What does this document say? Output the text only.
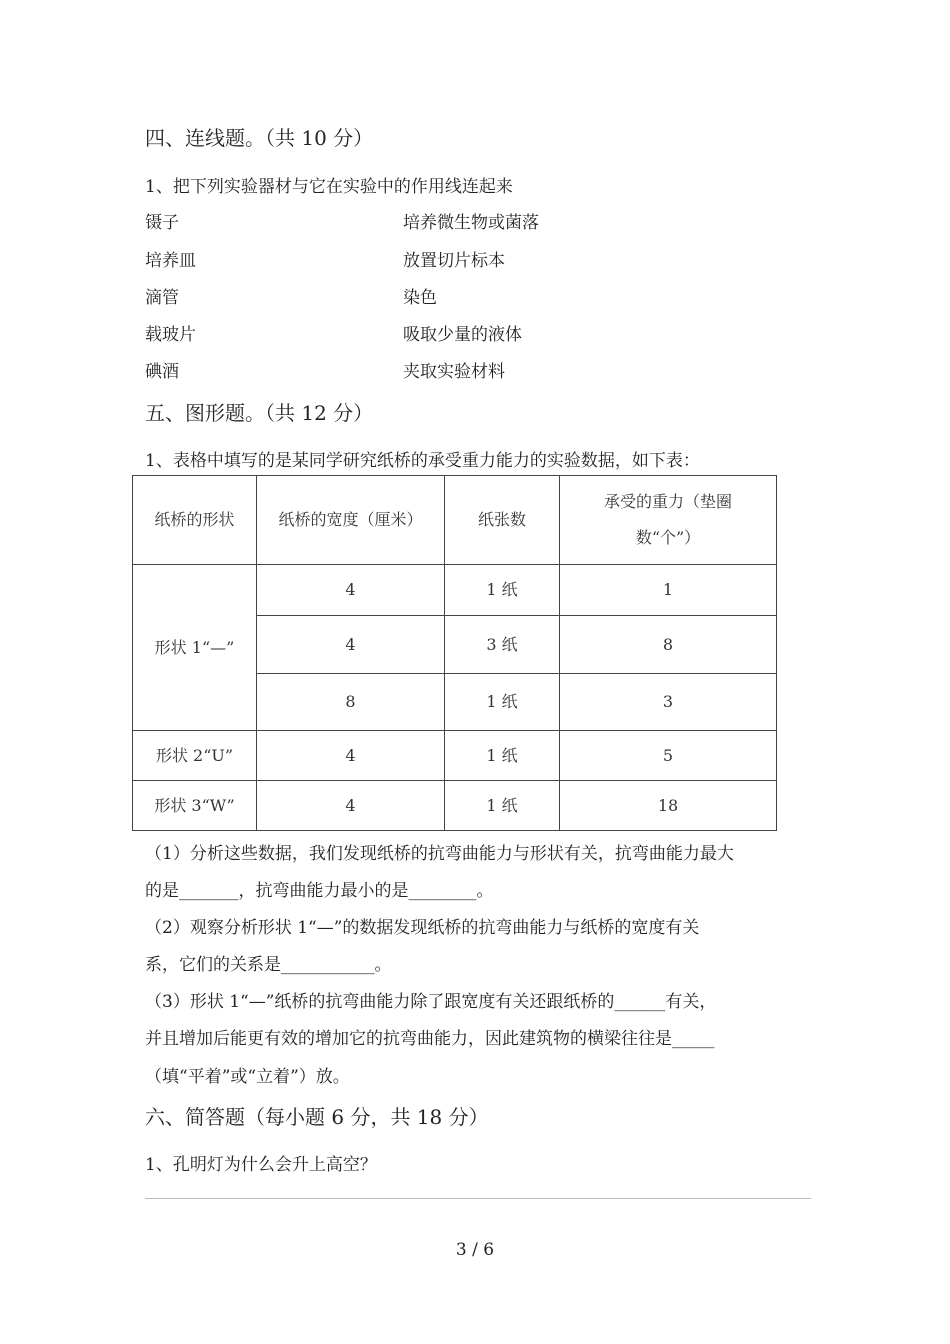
四、连线题。（共 10 分）
1、把下列实验器材与它在实验中的作用线连起来
镊子	培养微生物或菌落
培养皿	放置切片标本
滴管	染色
载玻片	吸取少量的液体
碘酒	夹取实验材料
五、图形题。（共 12 分）
1、表格中填写的是某同学研究纸桥的承受重力能力的实验数据，如下表：
纸桥的形状	纸桥的宽度（厘米）	纸张数	承受的重力（垫圈数“个”）
形状 1“—”	4	1 纸	1
	4	3 纸	8
	8	1 纸	3
形状 2“U”	4	1 纸	5
形状 3“W”	4	1 纸	18
（1）分析这些数据，我们发现纸桥的抗弯曲能力与形状有关，抗弯曲能力最大
的是_______，抗弯曲能力最小的是________。
（2）观察分析形状 1“—”的数据发现纸桥的抗弯曲能力与纸桥的宽度有关
系，它们的关系是___________。
（3）形状 1“—”纸桥的抗弯曲能力除了跟宽度有关还跟纸桥的______有关，
并且增加后能更有效的增加它的抗弯曲能力，因此建筑物的横梁往往是_____
（填“平着”或“立着”）放。
六、简答题（每小题 6 分，共 18 分）
1、孔明灯为什么会升上高空？
3 / 6
